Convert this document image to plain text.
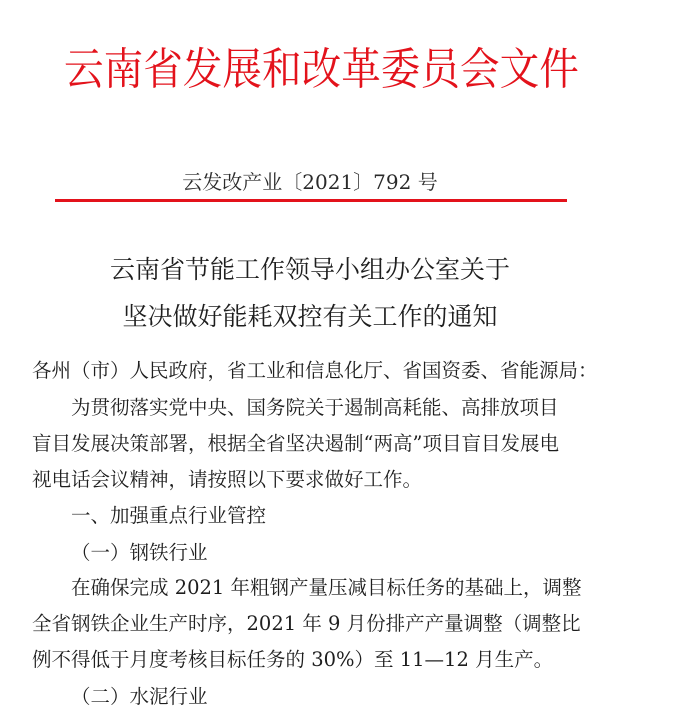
云南省发展和改革委员会文件
云发改产业〔2021〕792 号
云南省节能工作领导小组办公室关于
坚决做好能耗双控有关工作的通知
各州（市）人民政府，省工业和信息化厅、省国资委、省能源局：
为贯彻落实党中央、国务院关于遏制高耗能、高排放项目
盲目发展决策部署，根据全省坚决遏制“两高”项目盲目发展电
视电话会议精神，请按照以下要求做好工作。
一、加强重点行业管控
（一）钢铁行业
在确保完成 2021 年粗钢产量压减目标任务的基础上，调整
全省钢铁企业生产时序，2021 年 9 月份排产产量调整（调整比
例不得低于月度考核目标任务的 30%）至 11—12 月生产。
（二）水泥行业
